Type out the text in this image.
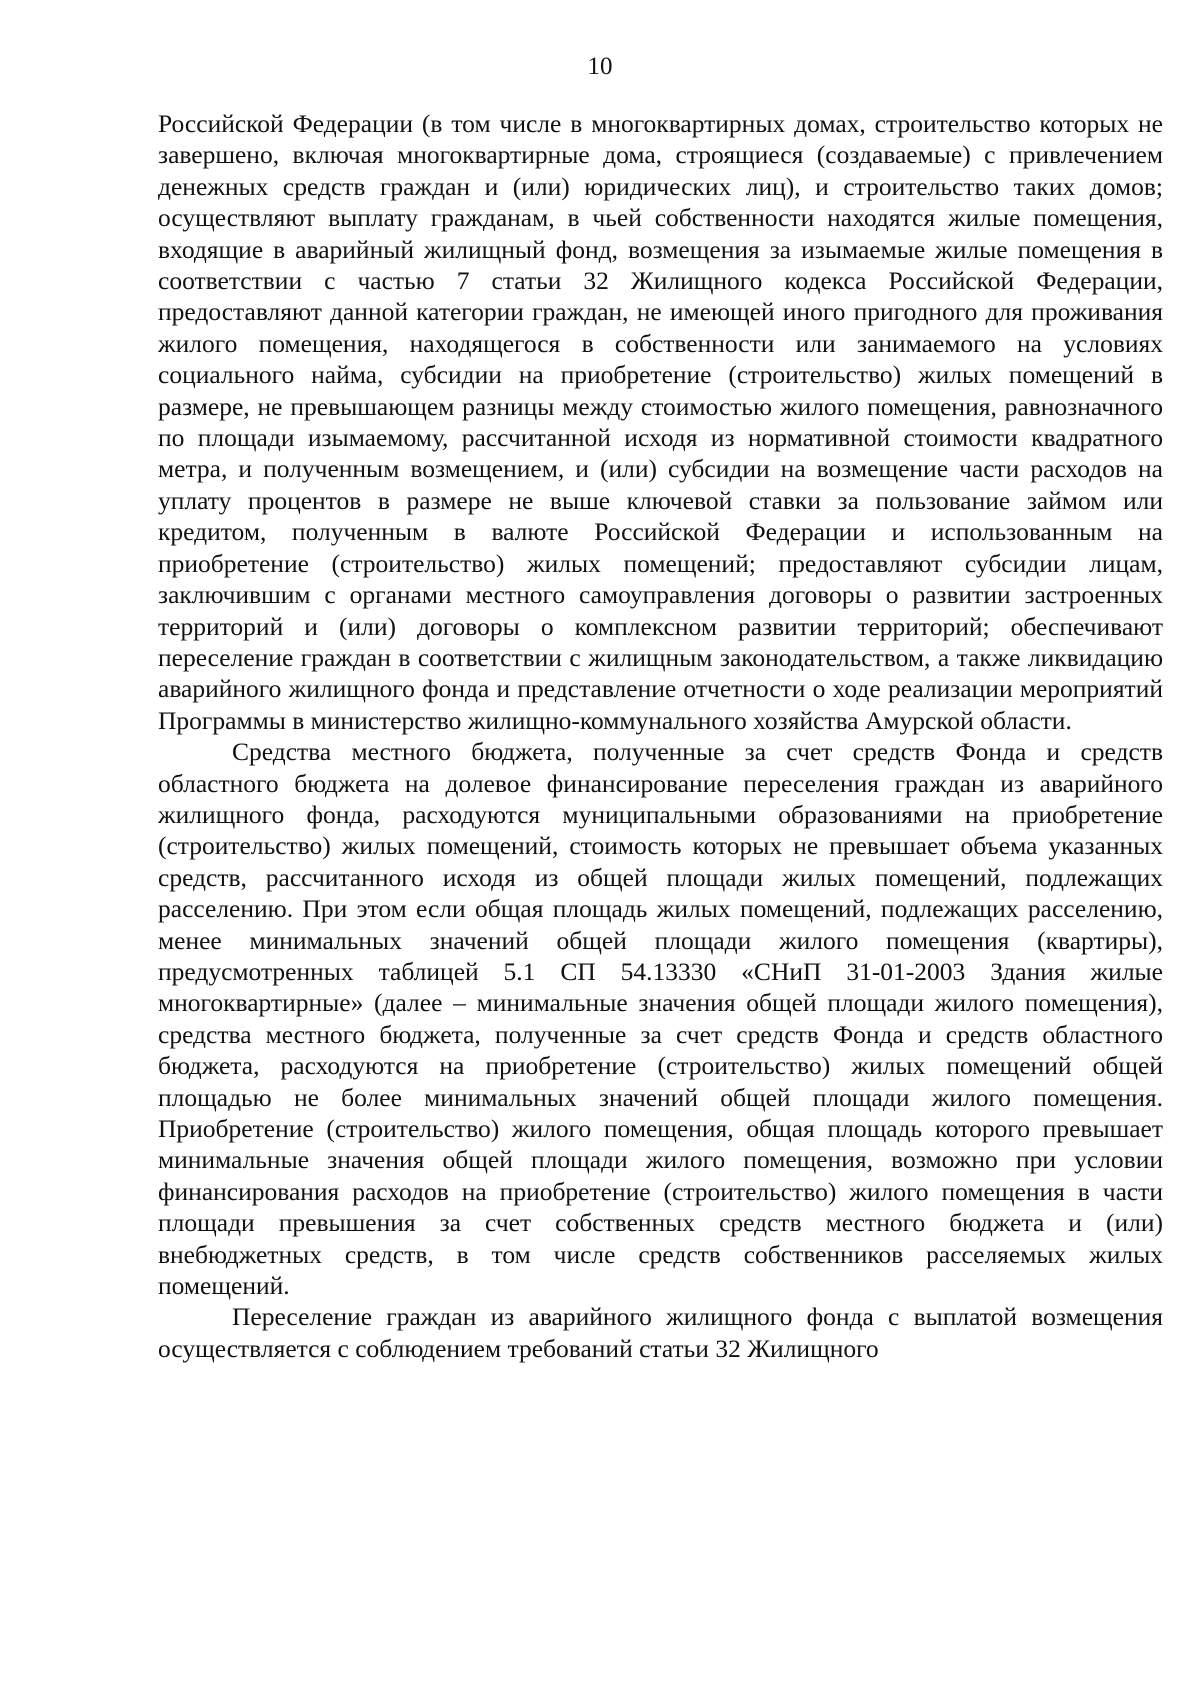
10

Российской Федерации (в том числе в многоквартирных домах, строительство которых не завершено, включая многоквартирные дома, строящиеся (создаваемые) с привлечением денежных средств граждан и (или) юридических лиц), и строительство таких домов; осуществляют выплату гражданам, в чьей собственности находятся жилые помещения, входящие в аварийный жилищный фонд, возмещения за изымаемые жилые помещения в соответствии с частью 7 статьи 32 Жилищного кодекса Российской Федерации, предоставляют данной категории граждан, не имеющей иного пригодного для проживания жилого помещения, находящегося в собственности или занимаемого на условиях социального найма, субсидии на приобретение (строительство) жилых помещений в размере, не превышающем разницы между стоимостью жилого помещения, равнозначного по площади изымаемому, рассчитанной исходя из нормативной стоимости квадратного метра, и полученным возмещением, и (или) субсидии на возмещение части расходов на уплату процентов в размере не выше ключевой ставки за пользование займом или кредитом, полученным в валюте Российской Федерации и использованным на приобретение (строительство) жилых помещений; предоставляют субсидии лицам, заключившим с органами местного самоуправления договоры о развитии застроенных территорий и (или) договоры о комплексном развитии территорий; обеспечивают переселение граждан в соответствии с жилищным законодательством, а также ликвидацию аварийного жилищного фонда и представление отчетности о ходе реализации мероприятий Программы в министерство жилищно-коммунального хозяйства Амурской области.

Средства местного бюджета, полученные за счет средств Фонда и средств областного бюджета на долевое финансирование переселения граждан из аварийного жилищного фонда, расходуются муниципальными образованиями на приобретение (строительство) жилых помещений, стоимость которых не превышает объема указанных средств, рассчитанного исходя из общей площади жилых помещений, подлежащих расселению. При этом если общая площадь жилых помещений, подлежащих расселению, менее минимальных значений общей площади жилого помещения (квартиры), предусмотренных таблицей 5.1 СП 54.13330 «СНиП 31-01-2003 Здания жилые многоквартирные» (далее – минимальные значения общей площади жилого помещения), средства местного бюджета, полученные за счет средств Фонда и средств областного бюджета, расходуются на приобретение (строительство) жилых помещений общей площадью не более минимальных значений общей площади жилого помещения. Приобретение (строительство) жилого помещения, общая площадь которого превышает минимальные значения общей площади жилого помещения, возможно при условии финансирования расходов на приобретение (строительство) жилого помещения в части площади превышения за счет собственных средств местного бюджета и (или) внебюджетных средств, в том числе средств собственников расселяемых жилых помещений.

Переселение граждан из аварийного жилищного фонда с выплатой возмещения осуществляется с соблюдением требований статьи 32 Жилищного
